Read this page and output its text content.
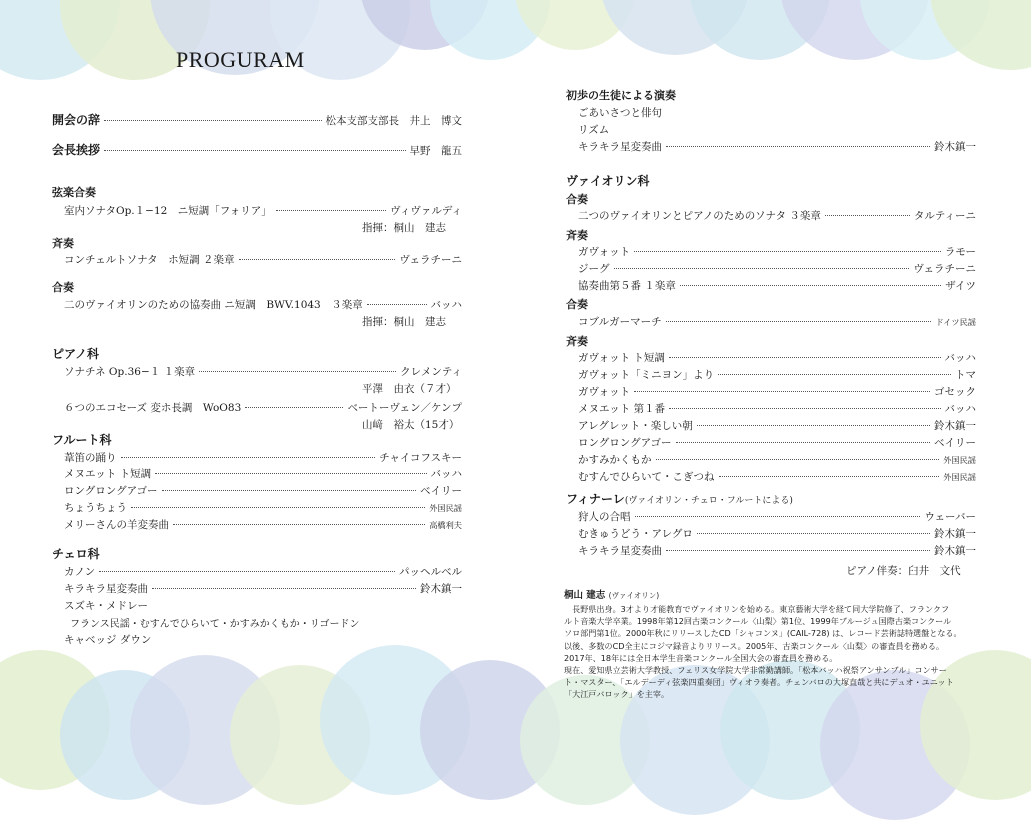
PROGURAM
開会の辞	松本支部支部長　井上　博文
会長挨拶	早野　龍五
弦楽合奏
室内ソナタOp.１−12　ニ短調「フォリア」	ヴィヴァルディ
指揮：桐山　建志
斉奏
コンチェルトソナタ　ホ短調 ２楽章	ヴェラチーニ
合奏
二のヴァイオリンのための協奏曲 ニ短調　BWV.1043　３楽章	バッハ
指揮：桐山　建志
ピアノ科
ソナチネ Op.36−１ １楽章	クレメンティ
平澤　由衣（７才）
６つのエコセーズ 変ホ長調　WoO83	ベートーヴェン／ケンプ
山﨑　裕太（15才）
フルート科
葦笛の踊り	チャイコフスキー
メヌエット ト短調	バッハ
ロングロングアゴー	ベイリー
ちょうちょう	外国民謡
メリーさんの羊変奏曲	高橋利夫
チェロ科
カノン	パッヘルベル
キラキラ星変奏曲	鈴木鎮一
スズキ・メドレー
フランス民謡・むすんでひらいて・かすみかくもか・リゴードン
キャベッジ ダウン
初歩の生徒による演奏
ごあいさつと俳句
リズム
キラキラ星変奏曲	鈴木鎮一
ヴァイオリン科
合奏
二つのヴァイオリンとピアノのためのソナタ ３楽章	タルティーニ
斉奏
ガヴォット	ラモー
ジーグ	ヴェラチーニ
協奏曲第５番 １楽章	ザイツ
合奏
コブルガーマーチ	ドイツ民謡
斉奏
ガヴォット ト短調	バッハ
ガヴォット「ミニヨン」より	トマ
ガヴォット	ゴセック
メヌエット 第１番	バッハ
アレグレット・楽しい朝	鈴木鎮一
ロングロングアゴー	ベイリー
かすみかくもか	外国民謡
むすんでひらいて・こぎつね	外国民謡
フィナーレ(ヴァイオリン・チェロ・フルートによる)
狩人の合唱	ウェーバー
むきゅうどう・アレグロ	鈴木鎮一
キラキラ星変奏曲	鈴木鎮一
ピアノ伴奏：臼井　文代
桐山 建志 (ヴァイオリン)

　長野県出身。3才より才能教育でヴァイオリンを始める。東京藝術大学を経て同大学院修了、フランクフ

ルト音楽大学卒業。1998年第12回古楽コンクール〈山梨〉第1位、1999年ブルージュ国際古楽コンクール

ソロ部門第1位。2000年秋にリリースしたCD「シャコンヌ」(CAIL-728) は、レコード芸術誌特選盤となる。

以後、多数のCD全主にコジマ録音よりリリース。2005年、古楽コンクール〈山梨〉の審査員を務める。

2017年、18年には全日本学生音楽コンクール全国大会の審査員を務める。

現在、愛知県立芸術大学教授、フェリス女学院大学非常勤講師。「松本バッハ祝祭アンサンブル」コンサー

ト・マスター、「エルデーディ弦楽四重奏団」ヴィオラ奏者。チェンバロの大塚直哉と共にデュオ・ユニット

「大江戸バロック」を主宰。
